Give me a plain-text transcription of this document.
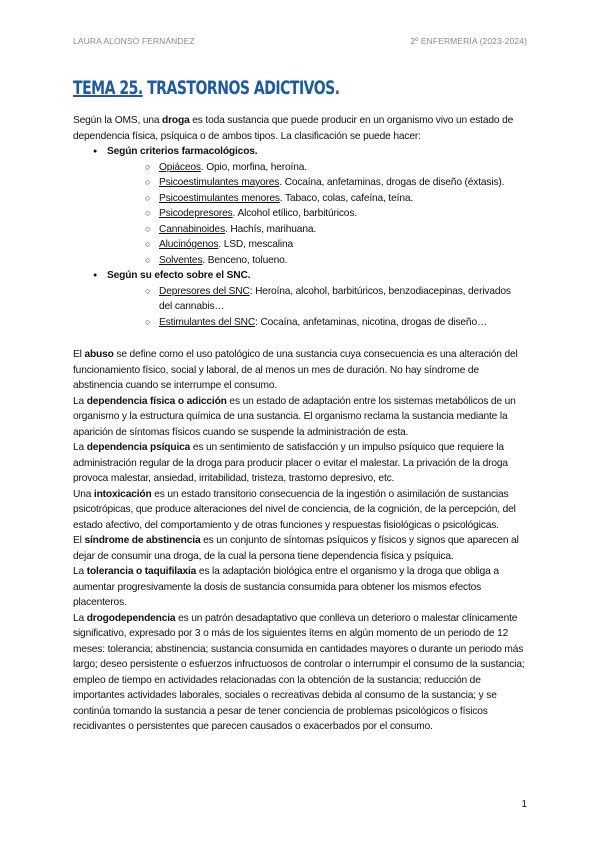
LAURA ALONSO FERNÁNDEZ	2º ENFERMERÍA (2023-2024)
TEMA 25. TRASTORNOS ADICTIVOS.

Según la OMS, una droga es toda sustancia que puede producir en un organismo vivo un estado de dependencia física, psíquica o de ambos tipos. La clasificación se puede hacer:

● Según criterios farmacológicos.
○ Opiáceos. Opio, morfina, heroína.
○ Psicoestimulantes mayores. Cocaína, anfetaminas, drogas de diseño (éxtasis).
○ Psicoestimulantes menores. Tabaco, colas, cafeína, teína.
○ Psicodepresores. Alcohol etílico, barbitúricos.
○ Cannabinoides. Hachís, marihuana.
○ Alucinógenos. LSD, mescalina
○ Solventes. Benceno, tolueno.
● Según su efecto sobre el SNC.
○ Depresores del SNC: Heroína, alcohol, barbitúricos, benzodiacepinas, derivados del cannabis…
○ Estimulantes del SNC: Cocaína, anfetaminas, nicotina, drogas de diseño…

El abuso se define como el uso patológico de una sustancia cuya consecuencia es una alteración del funcionamiento físico, social y laboral, de al menos un mes de duración. No hay síndrome de abstinencia cuando se interrumpe el consumo.

La dependencia física o adicción es un estado de adaptación entre los sistemas metabólicos de un organismo y la estructura química de una sustancia. El organismo reclama la sustancia mediante la aparición de síntomas físicos cuando se suspende la administración de esta.

La dependencia psíquica es un sentimiento de satisfacción y un impulso psíquico que requiere la administración regular de la droga para producir placer o evitar el malestar. La privación de la droga provoca malestar, ansiedad, irritabilidad, tristeza, trastorno depresivo, etc.

Una intoxicación es un estado transitorio consecuencia de la ingestión o asimilación de sustancias psicotrópicas, que produce alteraciones del nivel de conciencia, de la cognición, de la percepción, del estado afectivo, del comportamiento y de otras funciones y respuestas fisiológicas o psicológicas.

El síndrome de abstinencia es un conjunto de síntomas psíquicos y físicos y signos que aparecen al dejar de consumir una droga, de la cual la persona tiene dependencia física y psíquica.

La tolerancia o taquifilaxia es la adaptación biológica entre el organismo y la droga que obliga a aumentar progresivamente la dosis de sustancia consumida para obtener los mismos efectos placenteros.

La drogodependencia es un patrón desadaptativo que conlleva un deterioro o malestar clínicamente significativo, expresado por 3 o más de los siguientes ítems en algún momento de un periodo de 12 meses: tolerancia; abstinencia; sustancia consumida en cantidades mayores o durante un periodo más largo; deseo persistente o esfuerzos infructuosos de controlar o interrumpir el consumo de la sustancia; empleo de tiempo en actividades relacionadas con la obtención de la sustancia; reducción de importantes actividades laborales, sociales o recreativas debida al consumo de la sustancia; y se continúa tomando la sustancia a pesar de tener conciencia de problemas psicológicos o físicos recidivantes o persistentes que parecen causados o exacerbados por el consumo.

1
